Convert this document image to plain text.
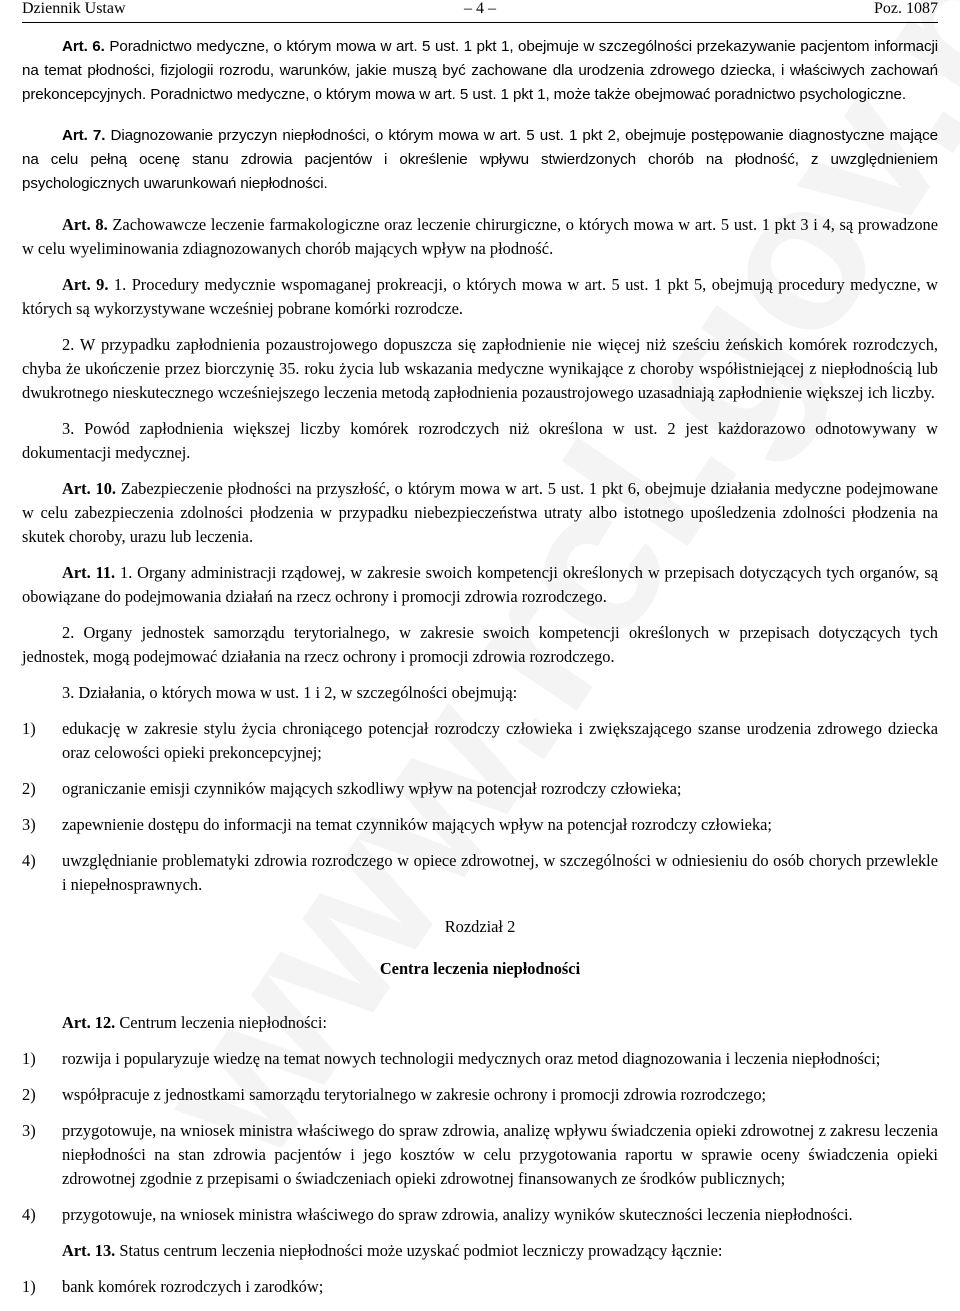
Dziennik Ustaw	– 4 –	Poz. 1087

Art. 6. Poradnictwo medyczne, o którym mowa w art. 5 ust. 1 pkt 1, obejmuje w szczególności przekazywanie pacjentom informacji na temat płodności, fizjologii rozrodu, warunków, jakie muszą być zachowane dla urodzenia zdrowego dziecka, i właściwych zachowań prekoncepcyjnych. Poradnictwo medyczne, o którym mowa w art. 5 ust. 1 pkt 1, może także obejmować poradnictwo psychologiczne.

Art. 7. Diagnozowanie przyczyn niepłodności, o którym mowa w art. 5 ust. 1 pkt 2, obejmuje postępowanie diagnostyczne mające na celu pełną ocenę stanu zdrowia pacjentów i określenie wpływu stwierdzonych chorób na płodność, z uwzględnieniem psychologicznych uwarunkowań niepłodności.

Art. 8. Zachowawcze leczenie farmakologiczne oraz leczenie chirurgiczne, o których mowa w art. 5 ust. 1 pkt 3 i 4, są prowadzone w celu wyeliminowania zdiagnozowanych chorób mających wpływ na płodność.

Art. 9. 1. Procedury medycznie wspomaganej prokreacji, o których mowa w art. 5 ust. 1 pkt 5, obejmują procedury medyczne, w których są wykorzystywane wcześniej pobrane komórki rozrodcze.

2. W przypadku zapłodnienia pozaustrojowego dopuszcza się zapłodnienie nie więcej niż sześciu żeńskich komórek rozrodczych, chyba że ukończenie przez biorczynię 35. roku życia lub wskazania medyczne wynikające z choroby współistniejącej z niepłodnością lub dwukrotnego nieskutecznego wcześniejszego leczenia metodą zapłodnienia pozaustrojowego uzasadniają zapłodnienie większej ich liczby.

3. Powód zapłodnienia większej liczby komórek rozrodczych niż określona w ust. 2 jest każdorazowo odnotowywany w dokumentacji medycznej.

Art. 10. Zabezpieczenie płodności na przyszłość, o którym mowa w art. 5 ust. 1 pkt 6, obejmuje działania medyczne podejmowane w celu zabezpieczenia zdolności płodzenia w przypadku niebezpieczeństwa utraty albo istotnego upośledzenia zdolności płodzenia na skutek choroby, urazu lub leczenia.

Art. 11. 1. Organy administracji rządowej, w zakresie swoich kompetencji określonych w przepisach dotyczących tych organów, są obowiązane do podejmowania działań na rzecz ochrony i promocji zdrowia rozrodczego.

2. Organy jednostek samorządu terytorialnego, w zakresie swoich kompetencji określonych w przepisach dotyczących tych jednostek, mogą podejmować działania na rzecz ochrony i promocji zdrowia rozrodczego.

3. Działania, o których mowa w ust. 1 i 2, w szczególności obejmują:

1) edukację w zakresie stylu życia chroniącego potencjał rozrodczy człowieka i zwiększającego szanse urodzenia zdrowego dziecka oraz celowości opieki prekoncepcyjnej;
2) ograniczanie emisji czynników mających szkodliwy wpływ na potencjał rozrodczy człowieka;
3) zapewnienie dostępu do informacji na temat czynników mających wpływ na potencjał rozrodczy człowieka;
4) uwzględnianie problematyki zdrowia rozrodczego w opiece zdrowotnej, w szczególności w odniesieniu do osób chorych przewlekle i niepełnosprawnych.

Rozdział 2

Centra leczenia niepłodności

Art. 12. Centrum leczenia niepłodności:

1) rozwija i popularyzuje wiedzę na temat nowych technologii medycznych oraz metod diagnozowania i leczenia niepłodności;
2) współpracuje z jednostkami samorządu terytorialnego w zakresie ochrony i promocji zdrowia rozrodczego;
3) przygotowuje, na wniosek ministra właściwego do spraw zdrowia, analizę wpływu świadczenia opieki zdrowotnej z zakresu leczenia niepłodności na stan zdrowia pacjentów i jego kosztów w celu przygotowania raportu w sprawie oceny świadczenia opieki zdrowotnej zgodnie z przepisami o świadczeniach opieki zdrowotnej finansowanych ze środków publicznych;
4) przygotowuje, na wniosek ministra właściwego do spraw zdrowia, analizy wyników skuteczności leczenia niepłodności.

Art. 13. Status centrum leczenia niepłodności może uzyskać podmiot leczniczy prowadzący łącznie:

1) bank komórek rozrodczych i zarodków;
